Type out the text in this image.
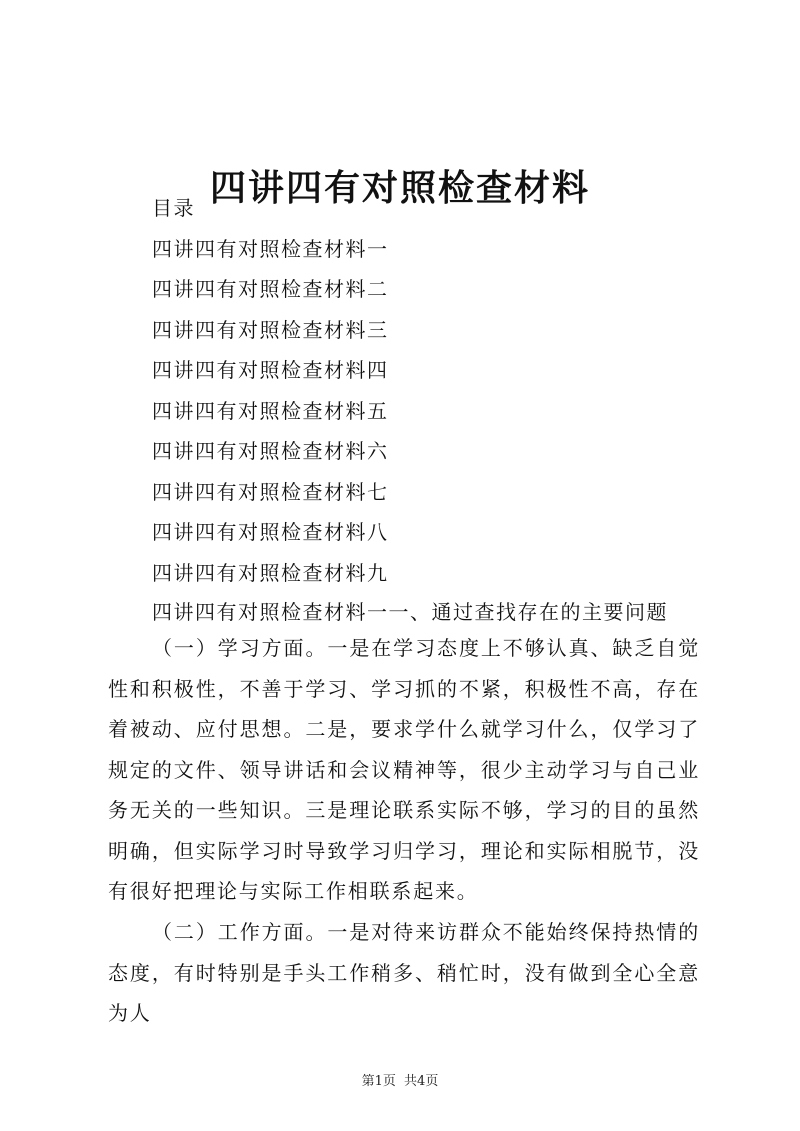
四讲四有对照检查材料
目录
四讲四有对照检查材料一
四讲四有对照检查材料二
四讲四有对照检查材料三
四讲四有对照检查材料四
四讲四有对照检查材料五
四讲四有对照检查材料六
四讲四有对照检查材料七
四讲四有对照检查材料八
四讲四有对照检查材料九
四讲四有对照检查材料一一、通过查找存在的主要问题

（一）学习方面。一是在学习态度上不够认真、缺乏自觉性和积极性，不善于学习、学习抓的不紧，积极性不高，存在着被动、应付思想。二是，要求学什么就学习什么，仅学习了规定的文件、领导讲话和会议精神等，很少主动学习与自己业务无关的一些知识。三是理论联系实际不够，学习的目的虽然明确，但实际学习时导致学习归学习，理论和实际相脱节，没有很好把理论与实际工作相联系起来。

（二）工作方面。一是对待来访群众不能始终保持热情的态度，有时特别是手头工作稍多、稍忙时，没有做到全心全意为人

第1页 共4页
